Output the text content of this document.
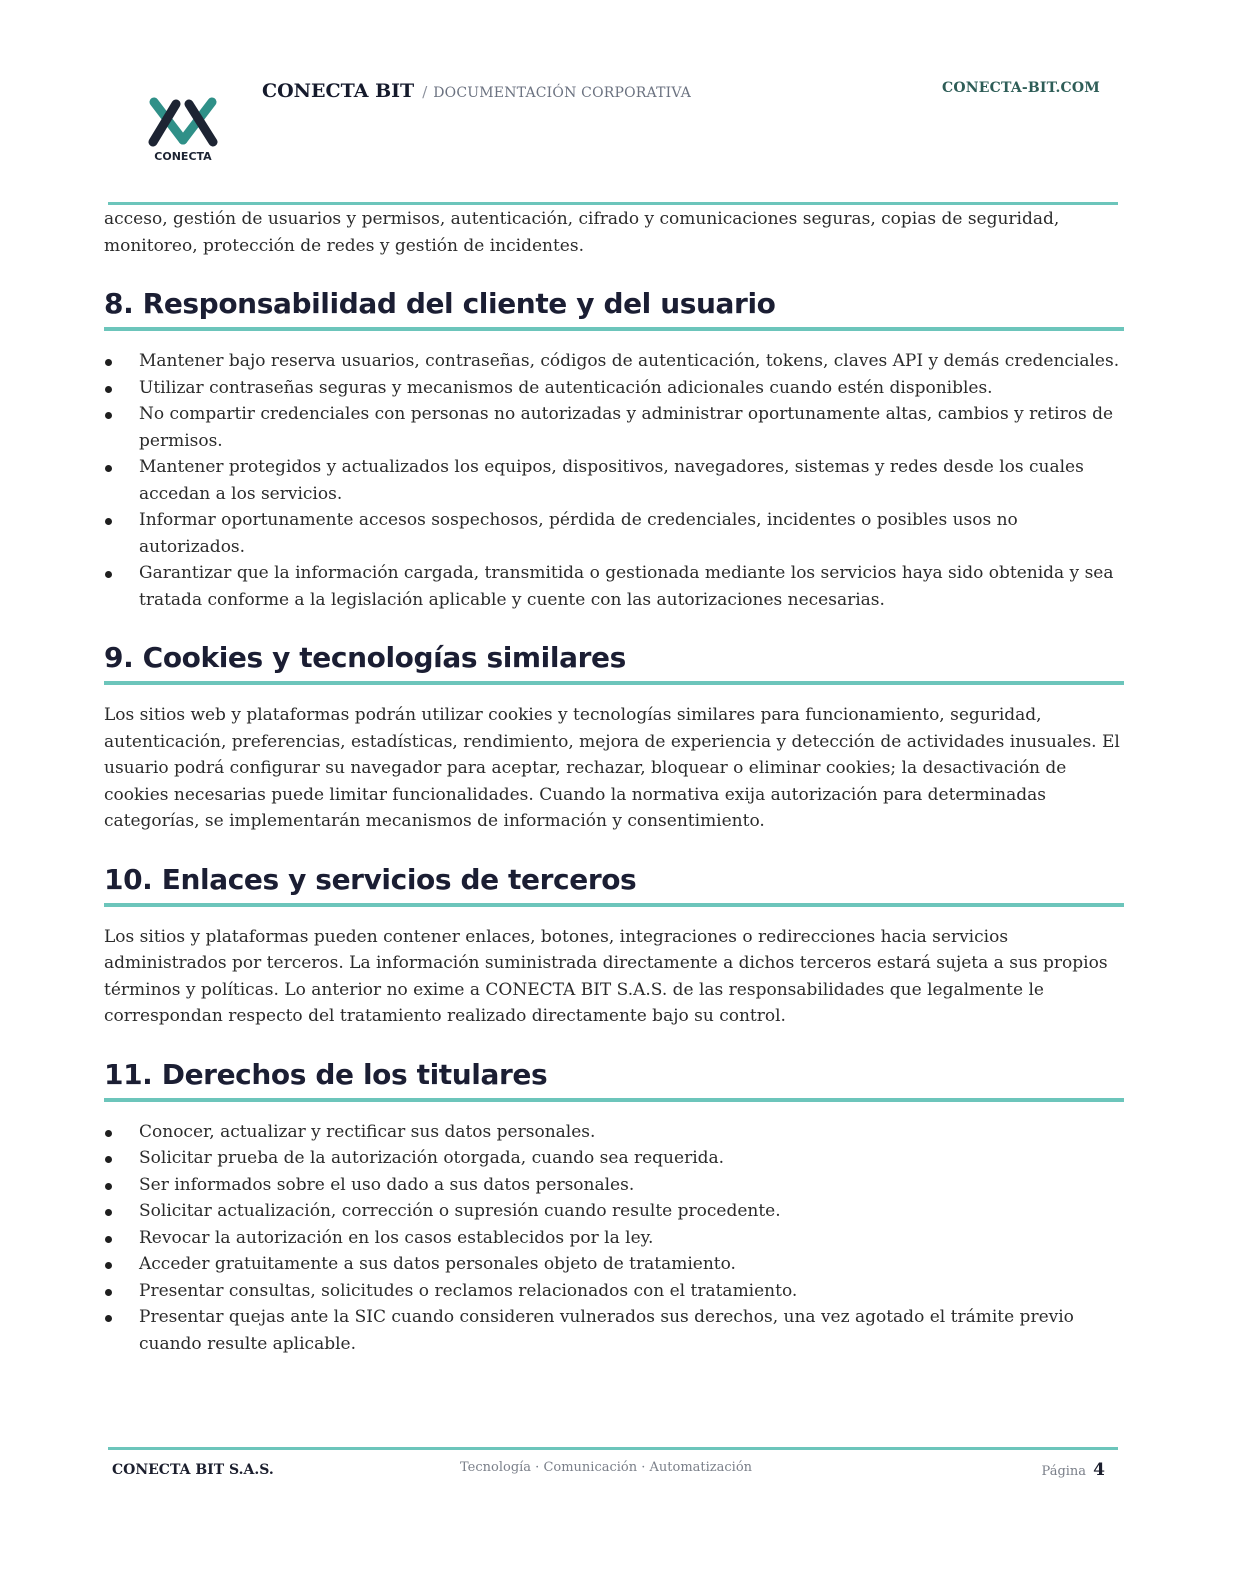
CONECTA
CONECTA BIT / DOCUMENTACIÓN CORPORATIVA	CONECTA-BIT.COM

acceso, gestión de usuarios y permisos, autenticación, cifrado y comunicaciones seguras, copias de seguridad, monitoreo, protección de redes y gestión de incidentes.

8. Responsabilidad del cliente y del usuario
Mantener bajo reserva usuarios, contraseñas, códigos de autenticación, tokens, claves API y demás credenciales.
Utilizar contraseñas seguras y mecanismos de autenticación adicionales cuando estén disponibles.
No compartir credenciales con personas no autorizadas y administrar oportunamente altas, cambios y retiros de permisos.
Mantener protegidos y actualizados los equipos, dispositivos, navegadores, sistemas y redes desde los cuales accedan a los servicios.
Informar oportunamente accesos sospechosos, pérdida de credenciales, incidentes o posibles usos no autorizados.
Garantizar que la información cargada, transmitida o gestionada mediante los servicios haya sido obtenida y sea tratada conforme a la legislación aplicable y cuente con las autorizaciones necesarias.
9. Cookies y tecnologías similares

Los sitios web y plataformas podrán utilizar cookies y tecnologías similares para funcionamiento, seguridad, autenticación, preferencias, estadísticas, rendimiento, mejora de experiencia y detección de actividades inusuales. El usuario podrá configurar su navegador para aceptar, rechazar, bloquear o eliminar cookies; la desactivación de cookies necesarias puede limitar funcionalidades. Cuando la normativa exija autorización para determinadas categorías, se implementarán mecanismos de información y consentimiento.

10. Enlaces y servicios de terceros

Los sitios y plataformas pueden contener enlaces, botones, integraciones o redirecciones hacia servicios administrados por terceros. La información suministrada directamente a dichos terceros estará sujeta a sus propios términos y políticas. Lo anterior no exime a CONECTA BIT S.A.S. de las responsabilidades que legalmente le correspondan respecto del tratamiento realizado directamente bajo su control.

11. Derechos de los titulares
Conocer, actualizar y rectificar sus datos personales.
Solicitar prueba de la autorización otorgada, cuando sea requerida.
Ser informados sobre el uso dado a sus datos personales.
Solicitar actualización, corrección o supresión cuando resulte procedente.
Revocar la autorización en los casos establecidos por la ley.
Acceder gratuitamente a sus datos personales objeto de tratamiento.
Presentar consultas, solicitudes o reclamos relacionados con el tratamiento.
Presentar quejas ante la SIC cuando consideren vulnerados sus derechos, una vez agotado el trámite previo cuando resulte aplicable.
CONECTA BIT S.A.S.	Tecnología · Comunicación · Automatización	Página 4
